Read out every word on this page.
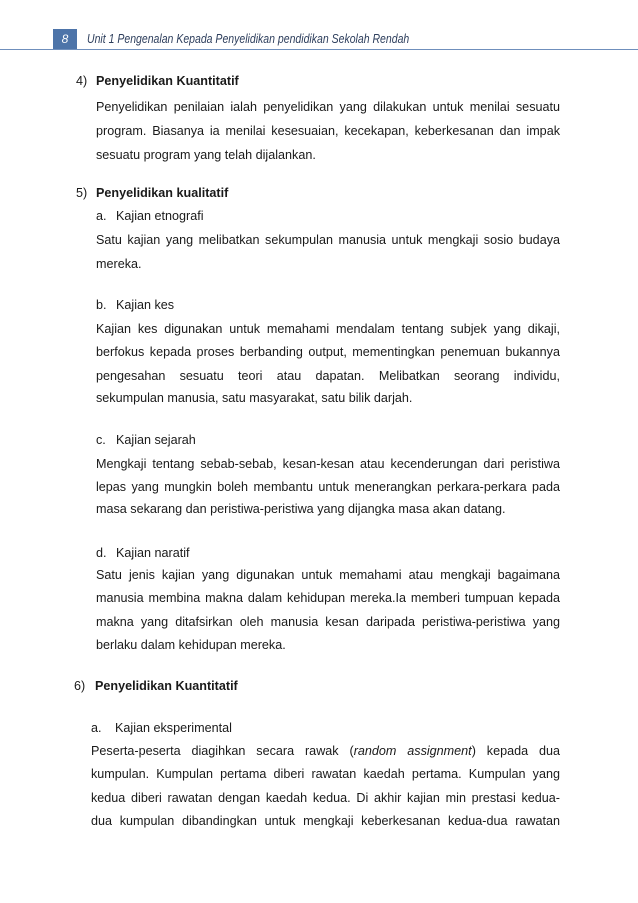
8	Unit 1 Pengenalan Kepada Penyelidikan pendidikan Sekolah Rendah
4) Penyelidikan Kuantitatif
Penyelidikan penilaian ialah penyelidikan yang dilakukan untuk menilai sesuatu
program. Biasanya ia menilai kesesuaian, kecekapan, keberkesanan dan impak
sesuatu program yang telah dijalankan.
5) Penyelidikan kualitatif
a. Kajian etnografi
Satu kajian yang melibatkan sekumpulan manusia untuk mengkaji sosio budaya
mereka.
b. Kajian kes
Kajian kes digunakan untuk memahami mendalam tentang subjek yang dikaji,
berfokus kepada proses berbanding output, mementingkan penemuan bukannya
pengesahan sesuatu teori atau dapatan. Melibatkan seorang individu,
sekumpulan manusia, satu masyarakat, satu bilik darjah.
c. Kajian sejarah
Mengkaji tentang sebab-sebab, kesan-kesan atau kecenderungan dari peristiwa
lepas yang mungkin boleh membantu untuk menerangkan perkara-perkara pada
masa sekarang dan peristiwa-peristiwa yang dijangka masa akan datang.
d. Kajian naratif
Satu jenis kajian yang digunakan untuk memahami atau mengkaji bagaimana
manusia membina makna dalam kehidupan mereka.Ia memberi tumpuan kepada
makna yang ditafsirkan oleh manusia kesan daripada peristiwa-peristiwa yang
berlaku dalam kehidupan mereka.
6) Penyelidikan Kuantitatif
a. Kajian eksperimental
Peserta-peserta diagihkan secara rawak (random assignment) kepada dua
kumpulan. Kumpulan pertama diberi rawatan kaedah pertama. Kumpulan yang
kedua diberi rawatan dengan kaedah kedua. Di akhir kajian min prestasi kedua-
dua kumpulan dibandingkan untuk mengkaji keberkesanan kedua-dua rawatan
